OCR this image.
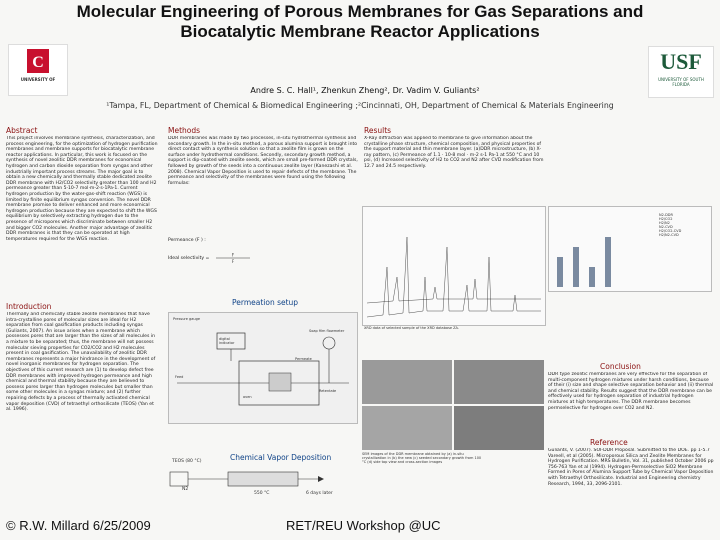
Molecular Engineering of Porous Membranes for Gas Separations and
Biocatalytic Membrane Reactor Applications
C
UNIVERSITY OF
USF
UNIVERSITY OF SOUTH FLORIDA
Andre S. C. Hall¹, Zhenkun Zheng², Dr. Vadim V. Guliants²
¹Tampa, FL, Department of Chemical & Biomedical Engineering ;²Cincinnati, OH, Department of Chemical & Materials Engineering
Abstract
This project involves membrane synthesis, characterization, and process engineering, for the optimization of hydrogen purification membranes and membrane supports for biocatalytic membrane reactor applications. In particular, this work is focused on the synthesis of novel zeolitic DDR membranes for economical hydrogen and carbon dioxide separation from syngas and other industrially important process streams. The major goal is to obtain a new chemically and thermally stable dedicated zeolite DDR membrane with H2/CO2 selectivity greater than 100 and H2 permeance greater than 5·10-7 mol·m-2·s-1Pa-1. Current hydrogen production by the water-gas-shift reaction (WGS) is limited by finite equilibrium syngas conversion. The novel DDR membrane promise to deliver enhanced and more economical hydrogen production because they are expected to shift the WGS equilibrium by selectively extracting hydrogen due to the presence of micropores which discriminate between smaller H2 and bigger CO2 molecules. Another major advantage of zeolitic DDR membranes is that they can be operated at high temperatures required for the WGS reaction.
Introduction
Thermally and chemically stable zeolite membranes that have intra-crystalline pores of molecular sizes are ideal for H2 separation from coal gasification products including syngas (Guliants, 2007). An issue arises when a membrane which possesses pores that are larger than the sizes of all molecules in a mixture to be separated; thus, the membrane will not possess molecular sieving properties for CO2/CO2 and H2 molecules present in coal gasification. The unavailability of zeolitic DDR membranes represents a major hindrance in the development of novel inorganic membranes for hydrogen separation. The objectives of this current research are (1) to develop defect free DDR membranes with improved hydrogen permeance and high chemical and thermal stability because they are believed to possess pores larger than hydrogen molecules but smaller than some other molecules in a syngas mixture; and (2) further repairing defects by a process of thermally activated chemical vapor deposition (CVD) of tetraethyl orthosilicate (TEOS) (Yan et al. 1996).
Methods
DDR membranes was made by two processes, in-situ hydrothermal synthesis and secondary growth. In the in-situ method, a porous alumina support is brought into direct contact with a synthesis solution so that a zeolite film is grown on the surface under hydrothermal conditions. Secondly, secondary growth method, a support is dip-coated with zeolite seeds, which are small pre-formed DDR crystals, followed by growth of the seeds into a continuous zeolite layer (Kanezashi et al. 2008). Chemical Vapor Deposition is used to repair defects of the membrane. The permeance and selectivity of the membranes were found using the following formulas:
Permeance (F ) :
Ideal selectivity =
F
F
Permeation setup
Pressure gauge
digital indicator
Feed
Retentate
Soap film flowmeter
oven
Permeate
Chemical Vapor Deposition
TEOS (80 °C)
N2
550 °C	6 days later
Results
X-Ray diffraction was applied to membrane to give information about the crystalline phase structure, chemical composition, and physical properties of the support material and thin membrane layer. (a)DDR microstructure, (b) X-ray pattern, (c) Permeance of 1.1 · 10-8 mol · m-2 s-1 Pa-1 at 550 °C and 10 psi, (d) Increased selectivity of H2 to CO2 and N2 after CVD modification from 12.7 and 24.5 respectively.
XRD data of selected sample of the XRD database ZA.
N2-DDR
H2/CO2
H2/N2
N2-CVD
H2/CO2-CVD
H2/N2-CVD
SEM images of the DDR membrane obtained by (a) in-situ crystallization in (b) the new (c) seeded secondary growth from 100 °C (d) side top view and cross-section images
Conclusion
DDR type zeolitic membranes are very effective for the separation of multi-component hydrogen mixtures under harsh conditions, because of their (i) size and shape selective separation behavior and (ii) thermal and chemical stability. Results suggest that the DDR membrane can be effectively used for hydrogen separation of industrial hydrogen mixtures at high temperatures. The DDR membrane becomes permselective for hydrogen over CO2 and N2.
Reference
Guliants, V. (2007). SOI-DDR Proposal. Submitted to the DOE. pp 1-5.7 Vareell, et al (2005). Microporous Silica and Zeolite Membranes for Hydrogen Purification. MRS Bulletin, Vol. 31, published October 2006 pp 756-763 Yan et al (1994). Hydrogen-Permselective SiO2 Membrane Formed in Pores of Alumina Support Tube by Chemical Vapor Deposition with Tetraethyl Orthosilicate. Industrial and Engineering chemistry Research, 1994, 33, 2096-2101.
© R.W. Millard 6/25/2009	RET/REU Workshop @UC
